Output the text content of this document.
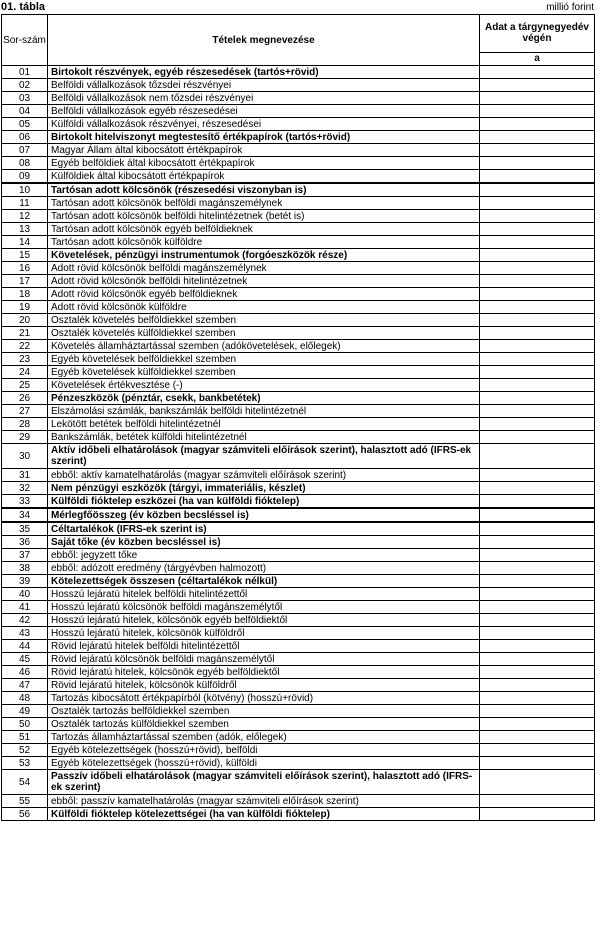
01. tábla	millió forint
Sor-szám	Tételek megnevezése	Adat a tárgynegyedév végén
		a
01	Birtokolt részvények, egyéb részesedések (tartós+rövid)	
02	Belföldi vállalkozások tőzsdei részvényei	
03	Belföldi vállalkozások nem tőzsdei részvényei	
04	Belföldi vállalkozások egyéb részesedései	
05	Külföldi vállalkozások részvényei, részesedései	
06	Birtokolt hitelviszonyt megtestesítő értékpapírok (tartós+rövid)	
07	Magyar Állam által kibocsátott értékpapírok	
08	Egyéb belföldiek által kibocsátott értékpapírok	
09	Külföldiek által kibocsátott értékpapírok	
10	Tartósan adott kölcsönök (részesedési viszonyban is)	
11	Tartósan adott kölcsönök belföldi magánszemélynek	
12	Tartósan adott kölcsönök belföldi hitelintézetnek (betét is)	
13	Tartósan adott kölcsönök egyéb belföldieknek	
14	Tartósan adott kölcsönök külföldre	
15	Követelések, pénzügyi instrumentumok (forgóeszközök része)	
16	Adott rövid kölcsönök belföldi magánszemélynek	
17	Adott rövid kölcsönök belföldi hitelintézetnek	
18	Adott rövid kölcsönök egyéb belföldieknek	
19	Adott rövid kölcsönök külföldre	
20	Osztalék követelés belföldiekkel szemben	
21	Osztalék követelés külföldiekkel szemben	
22	Követelés államháztartással szemben (adókövetelések, előlegek)	
23	Egyéb követelések belföldiekkel szemben	
24	Egyéb követelések külföldiekkel szemben	
25	Követelések értékvesztése (-)	
26	Pénzeszközök (pénztár, csekk, bankbetétek)	
27	Elszámolási számlák, bankszámlák belföldi hitelintézetnél	
28	Lekötött betétek belföldi hitelintézetnél	
29	Bankszámlák, betétek külföldi hitelintézetnél	
30	Aktív időbeli elhatárolások (magyar számviteli előírások szerint), halasztott adó (IFRS-ek szerint)	
31	ebből: aktív kamatelhatárolás (magyar számviteli előírások szerint)	
32	Nem pénzügyi eszközök (tárgyi, immateriális, készlet)	
33	Külföldi fióktelep eszközei (ha van külföldi fióktelep)	
34	Mérlegfőösszeg (év közben becsléssel is)	
35	Céltartalékok (IFRS-ek szerint is)	
36	Saját tőke (év közben becsléssel is)	
37	ebből: jegyzett tőke	
38	ebből: adózott eredmény (tárgyévben halmozott)	
39	Kötelezettségek összesen (céltartalékok nélkül)	
40	Hosszú lejáratú hitelek belföldi hitelintézettől	
41	Hosszú lejáratú kölcsönök belföldi magánszemélytől	
42	Hosszú lejáratú hitelek, kölcsönök egyéb belföldiektől	
43	Hosszú lejáratú hitelek, kölcsönök külföldről	
44	Rövid lejáratú hitelek belföldi hitelintézettől	
45	Rövid lejáratú kölcsönök belföldi magánszemélytől	
46	Rövid lejáratú hitelek, kölcsönök egyéb belföldiektől	
47	Rövid lejáratú hitelek, kölcsönök külföldről	
48	Tartozás kibocsátott értékpapírból (kötvény) (hosszú+rövid)	
49	Osztalék tartozás belföldiekkel szemben	
50	Osztalék tartozás külföldiekkel szemben	
51	Tartozás államháztartással szemben (adók, előlegek)	
52	Egyéb kötelezettségek (hosszú+rövid), belföldi	
53	Egyéb kötelezettségek (hosszú+rövid), külföldi	
54	Passzív időbeli elhatárolások (magyar számviteli előírások szerint), halasztott adó (IFRS-ek szerint)	
55	ebből: passzív kamatelhatárolás (magyar számviteli előírások szerint)	
56	Külföldi fióktelep kötelezettségei (ha van külföldi fióktelep)	
